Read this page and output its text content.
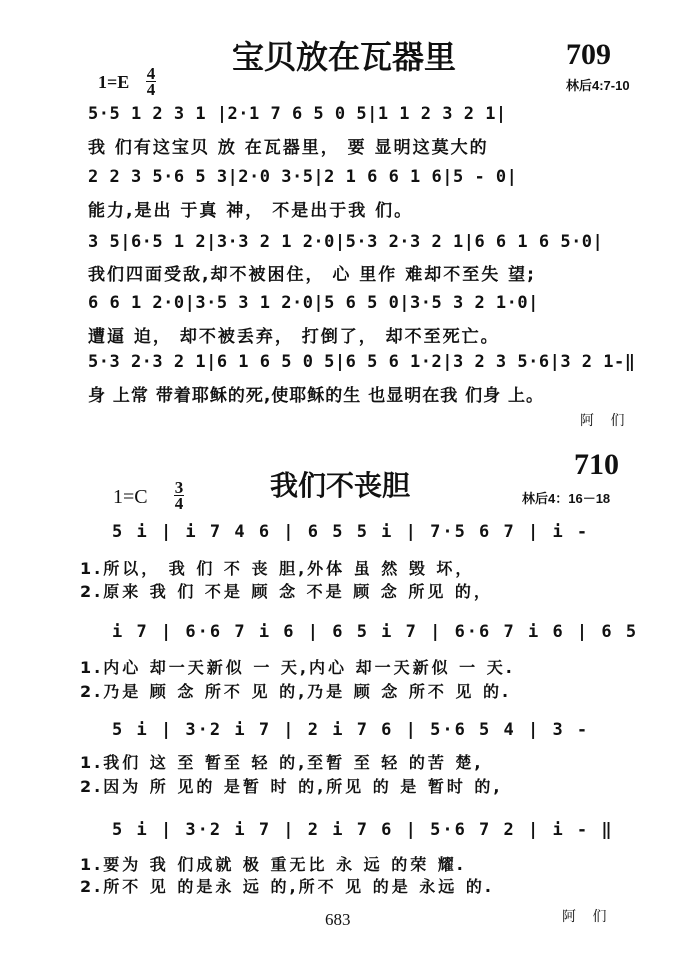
宝贝放在瓦器里	709
$1=E \frac{4}{4}$	林后4:7-10
5·5 1 2 3 1 |2·1 7 6 5 0 5|1 1 2 3 2 1|
我 们有这宝贝 放 在瓦器里， 要 显明这莫大的
2 2 3 5·6 5 3|2·0 3·5|2 1 6 6 1 6|5 - 0|
能力,是出 于真 神， 不是出于我 们。
3 5|6·5 1 2|3·3 2 1 2·0|5·3 2·3 2 1|6 6 1 6 5·0|
我们四面受敌,却不被困住， 心 里作 难却不至失 望;
6 6 1 2·0|3·5 3 1 2·0|5 6 5 0|3·5 3 2 1·0|
遭逼 迫， 却不被丢弃， 打倒了， 却不至死亡。
5·3 2·3 2 1|6 1 6 5 0 5|6 5 6 1·2|3 2 3 5·6|3 2 1-‖
身 上常 带着耶稣的死,使耶稣的生 也显明在我 们身 上。
阿 们
710
我们不丧胆
$1=C \frac{3}{4}$	林后4：16－18
5 i | i 7 4 6 | 6 5 5 i | 7·5 6 7 | i -
1.所以， 我 们 不 丧 胆,外体 虽 然 毁 坏，
2.原来 我 们 不是 顾 念 不是 顾 念 所见 的，
i 7 | 6·6 7 i 6 | 6 5 i 7 | 6·6 7 i 6 | 6 5
1.内心 却一天新似 一 天,内心 却一天新似 一 天.
2.乃是 顾 念 所不 见 的,乃是 顾 念 所不 见 的.
5 i | 3·2 i 7 | 2 i 7 6 | 5·6 5 4 | 3 -
1.我们 这 至 暂至 轻 的,至暂 至 轻 的苦 楚,
2.因为 所 见的 是暂 时 的,所见 的 是 暂时 的,
5 i | 3·2 i 7 | 2 i 7 6 | 5·6 7 2 | i - ‖
1.要为 我 们成就 极 重无比 永 远 的荣 耀.
2.所不 见 的是永 远 的,所不 见 的是 永远 的.
683	阿 们
